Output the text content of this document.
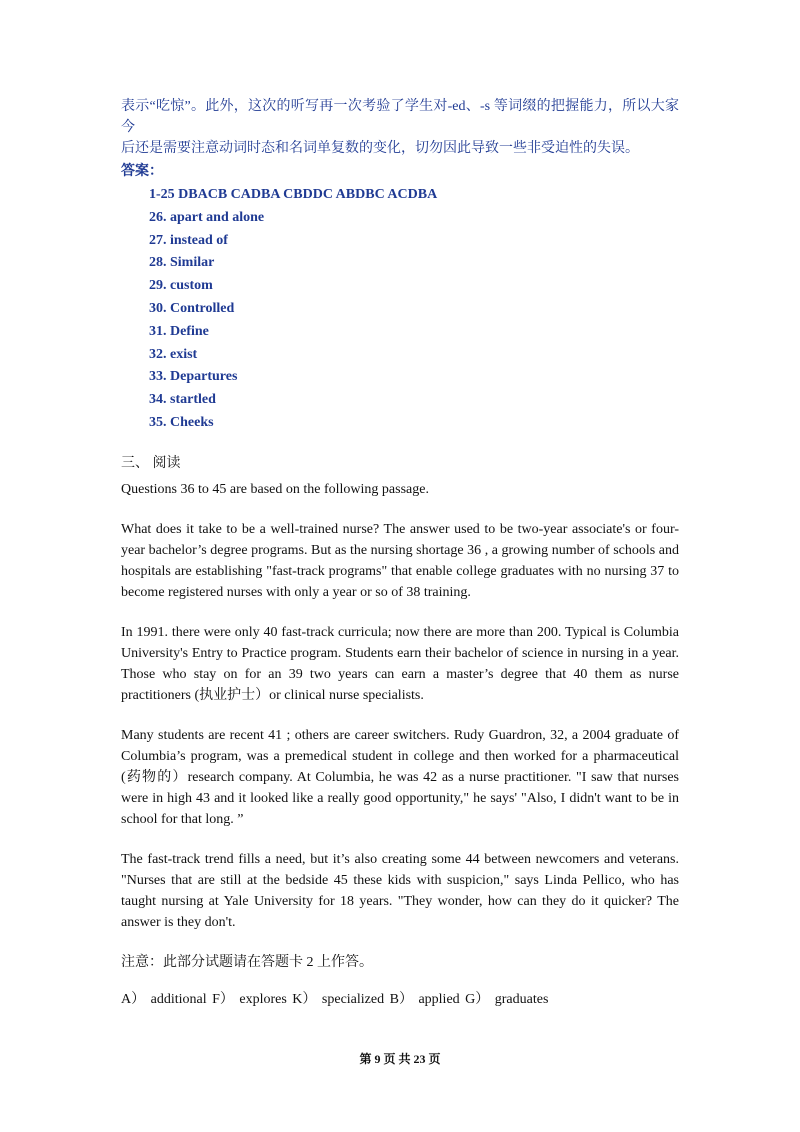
表示“吃惊”。此外，这次的听写再一次考验了学生对-ed、-s 等词缀的把握能力，所以大家今

后还是需要注意动词时态和名词单复数的变化，切勿因此导致一些非受迫性的失误。

答案：
1-25 DBACB CADBA CBDDC ABDBC ACDBA
26. apart and alone
27. instead of
28. Similar
29. custom
30. Controlled
31. Define
32. exist
33. Departures
34. startled
35. Cheeks
三、 阅读

Questions 36 to 45 are based on the following passage.

What does it take to be a well-trained nurse? The answer used to be two-year associate's or four-year bachelor’s degree programs. But as the nursing shortage 36 , a growing number of schools and hospitals are establishing "fast-track programs" that enable college graduates with no nursing 37 to become registered nurses with only a year or so of 38 training.

In 1991. there were only 40 fast-track curricula; now there are more than 200. Typical is Columbia University's Entry to Practice program. Students earn their bachelor of science in nursing in a year. Those who stay on for an 39 two years can earn a master’s degree that 40 them as nurse practitioners (执业护士）or clinical nurse specialists.

Many students are recent 41 ; others are career switchers. Rudy Guardron, 32, a 2004 graduate of Columbia’s program, was a premedical student in college and then worked for a pharmaceutical (药物的）research company. At Columbia, he was 42 as a nurse practitioner. "I saw that nurses were in high 43 and it looked like a really good opportunity," he says' "Also, I didn't want to be in school for that long. ”

The fast-track trend fills a need, but it’s also creating some 44 between newcomers and veterans. "Nurses that are still at the bedside 45 these kids with suspicion," says Linda Pellico, who has taught nursing at Yale University for 18 years. "They wonder, how can they do it quicker? The answer is they don't.

注意：此部分试题请在答题卡 2 上作答。

A） additional F） explores K） specialized B） applied G） graduates
第 9 页 共 23 页
